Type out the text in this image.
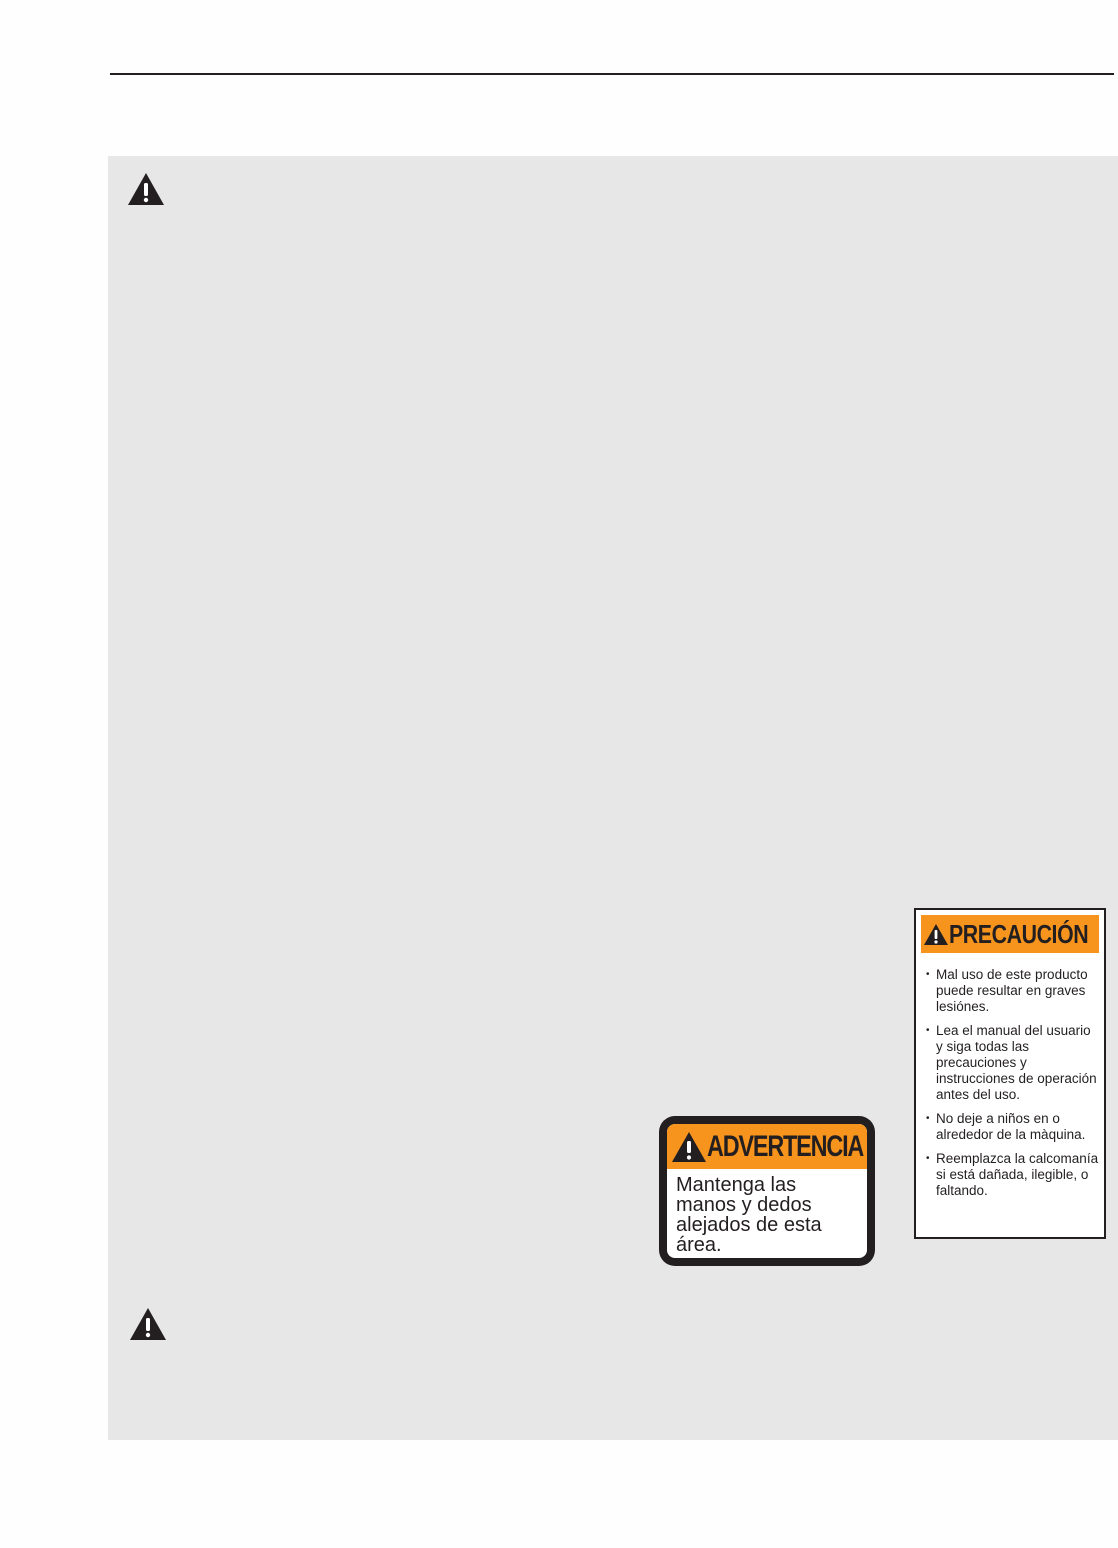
ADVERTENCIA
Mantenga las manos y dedos alejados de esta área.
PRECAUCIÓN
• Mal uso de este producto puede resultar en graves lesiónes.
• Lea el manual del usuario y siga todas las precauciones y instrucciones de operación antes del uso.
• No deje a niños en o alrededor de la màquina.
• Reemplazca la calcomanía si está dañada, ilegible, o faltando.
